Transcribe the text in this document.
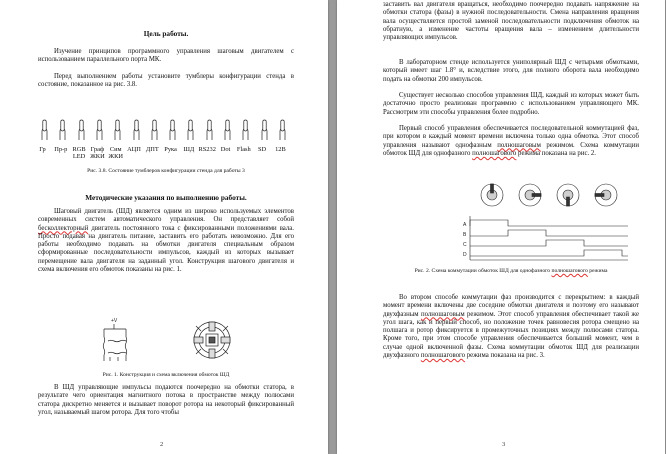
Цель работы.

Изучение принципов программного управления шаговым двигателем с использованием параллельного порта МК.

Перед выполнением работы установите тумблеры конфигурации стенда в состояние, показанное на рис. 3.8.

Гр	Пр-р RGB LED
Граф ЖКИ
Сим ЖКИ
АЦП ДПТ Рука	ШД RS232 Dot	Flash	SD	12В

Рис. 3.8. Состояние тумблеров конфигурации стенда для работы 3

Методические указания по выполнению работы.

Шаговый двигатель (ШД) является одним из широко используемых элементов современных систем автоматического управления. Он представляет собой бесколлекторный двигатель постоянного тока с фиксированными положениями вала. Просто подавая на двигатель питание, заставить его работать невозможно. Для его работы необходимо подавать на обмотки двигателя специальным образом сформированные последовательности импульсов, каждый из которых вызывает перемещение вала двигателя на заданный угол. Конструкция шагового двигателя и схема включения его обмоток показаны на рис. 1.

+V

Рис. 1. Конструкция и схема включения обмоток ШД

В ШД управляющие импульсы подаются поочередно на обмотки статора, в результате чего ориентация магнитного потока в пространстве между полюсами статора дискретно меняется и вызывает поворот ротора на некоторый фиксированный угол, называемый шагом ротора. Для того чтобы

2

заставить вал двигателя вращаться, необходимо поочередно подавать напряжение на обмотки статора (фазы) в нужной последовательности. Смена направления вращения вала осуществляется простой заменой последовательности подключения обмоток на обратную, а изменение частоты вращения вала – изменением длительности управляющих импульсов.

В лабораторном стенде используется униполярный ШД с четырьмя обмотками, который имеет шаг 1.8° и, вследствие этого, для полного оборота вала необходимо подать на обмотки 200 импульсов.

Существует несколько способов управления ШД, каждый из которых может быть достаточно просто реализован программно с использованием управляющего МК. Рассмотрим эти способы управления более подробно.

Первый способ управления обеспечивается последовательной коммутацией фаз, при котором в каждый момент времени включена только одна обмотка. Этот способ управления называют однофазным полношаговым режимом. Схема коммутации обмоток ШД для однофазного полношагового режима показана на рис. 2.

A
B
C
D

Рис. 2. Схема коммутации обмоток ШД для однофазного полношагового режима

Во втором способе коммутации фаз производится с перекрытием: в каждый момент времени включены две соседние обмотки двигателя и поэтому его называют двухфазным полношаговым режимом. Этот способ управления обеспечивает такой же угол шага, как и первый способ, но положение точек равновесия ротора смещено на полшага и ротор фиксируется в промежуточных позициях между полюсами статора. Кроме того, при этом способе управления обеспечивается больший момент, чем в случае одной включенной фазы. Схема коммутации обмоток ШД для реализации двухфазного полношагового режима показана на рис. 3.

3
